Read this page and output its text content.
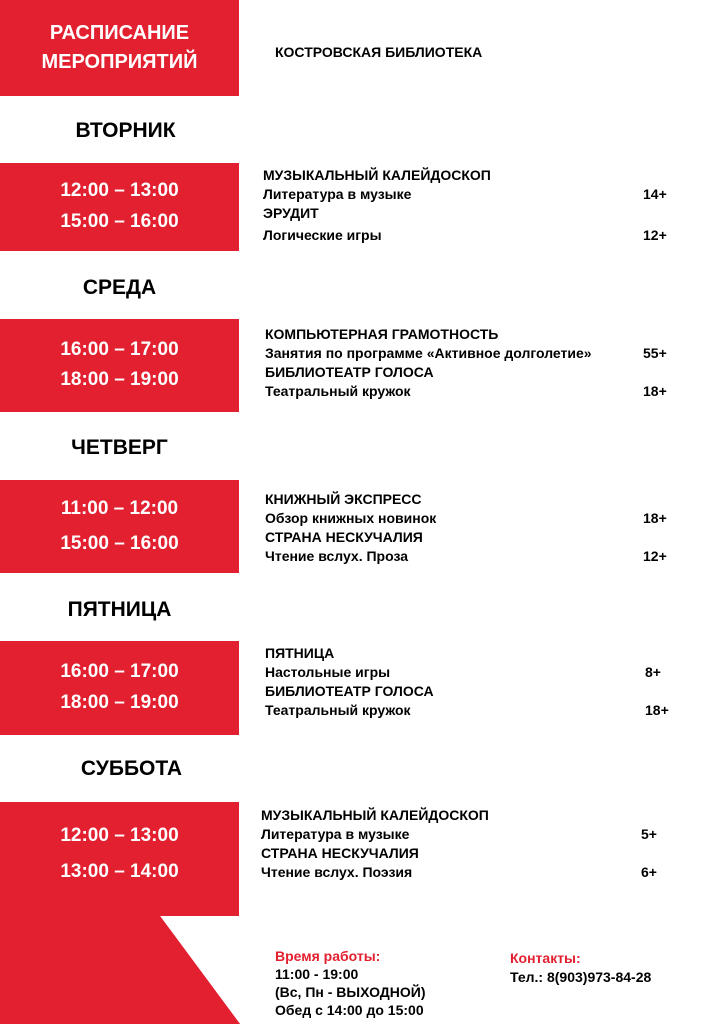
РАСПИСАНИЕ
МЕРОПРИЯТИЙ	КОСТРОВСКАЯ БИБЛИОТЕКА
ВТОРНИК
12:00 – 13:00
15:00 – 16:00
МУЗЫКАЛЬНЫЙ КАЛЕЙДОСКОП
Литература в музыке	14+
ЭРУДИТ
Логические игры	12+
СРЕДА
16:00 – 17:00
18:00 – 19:00
КОМПЬЮТЕРНАЯ ГРАМОТНОСТЬ
Занятия по программе «Активное долголетие»	55+
БИБЛИОТЕАТР ГОЛОСА
Театральный кружок	18+
ЧЕТВЕРГ
11:00 – 12:00
15:00 – 16:00
КНИЖНЫЙ ЭКСПРЕСС
Обзор книжных новинок	18+
СТРАНА НЕСКУЧАЛИЯ
Чтение вслух. Проза	12+
ПЯТНИЦА
16:00 – 17:00
18:00 – 19:00
ПЯТНИЦА
Настольные игры	8+
БИБЛИОТЕАТР ГОЛОСА
Театральный кружок	18+
СУББОТА
12:00 – 13:00
13:00 – 14:00
МУЗЫКАЛЬНЫЙ КАЛЕЙДОСКОП
Литература в музыке	5+
СТРАНА НЕСКУЧАЛИЯ
Чтение вслух. Поэзия	6+
Время работы:
11:00 - 19:00
(Вс, Пн - ВЫХОДНОЙ)
Обед с 14:00 до 15:00
Контакты:
Тел.: 8(903)973-84-28
